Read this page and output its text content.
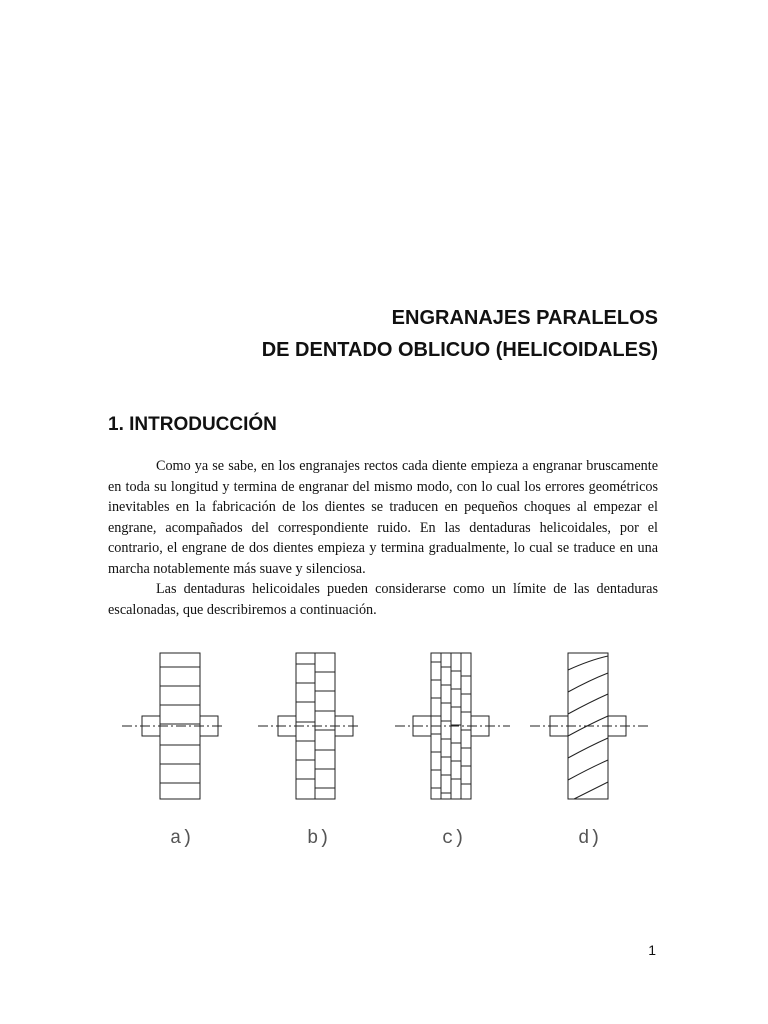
ENGRANAJES PARALELOS
DE DENTADO OBLICUO (HELICOIDALES)
1. INTRODUCCIÓN

Como ya se sabe, en los engranajes rectos cada diente empieza a engranar bruscamente en toda su longitud y termina de engranar del mismo modo, con lo cual los errores geométricos inevitables en la fabricación de los dientes se traducen en pequeños choques al empezar el engrane, acompañados del correspondiente ruido. En las dentaduras helicoidales, por el contrario, el engrane de dos dientes empieza y termina gradualmente, lo cual se traduce en una marcha notablemente más suave y silenciosa.

Las dentaduras helicoidales pueden considerarse como un límite de las dentaduras escalonadas, que describiremos a continuación.

a)	b)	c)	d)
1
